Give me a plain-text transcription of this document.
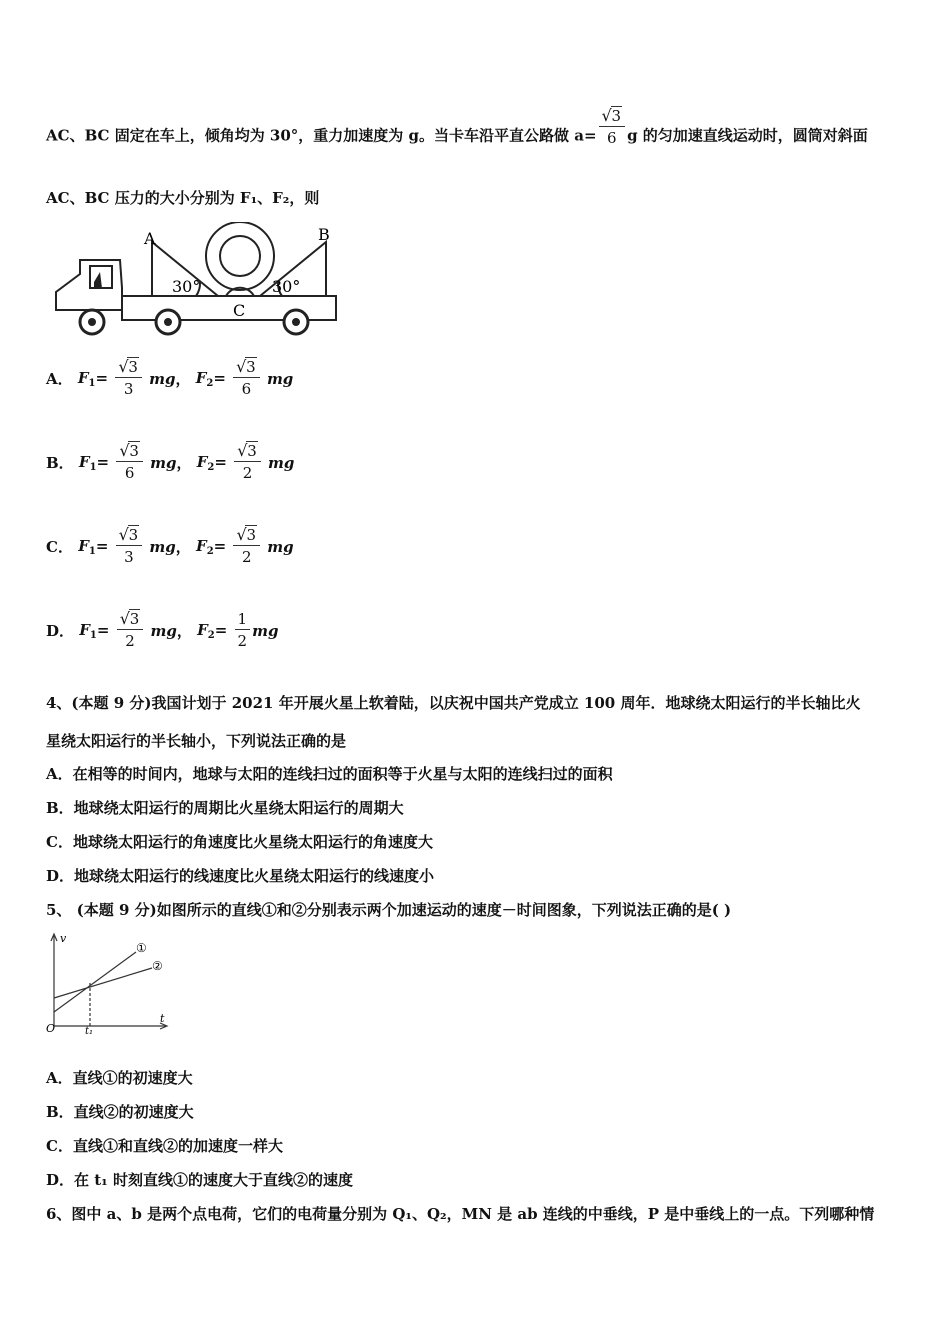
AC、BC 固定在车上，倾角均为 30°，重力加速度为 g。当卡车沿平直公路做 $a= \frac{√ 3}{6}$ g 的匀加速直线运动时，圆筒对斜面
AC、BC 压力的大小分别为 F₁、F₂，则
A	B
C
30°	30°
A． $F_1= \frac{√ 3}{3}$ mg， $F_2= \frac{√ 3}{6}$ mg
B． $F_1= \frac{√ 3}{6}$ mg， $F_2= \frac{√ 3}{2}$ mg
C． $F_1= \frac{√ 3}{3}$ mg， $F_2= \frac{√ 3}{2}$ mg
D． $F_1= \frac{√ 3}{2}$ mg， $F_2= \frac{1}{2}$ mg
4、(本题 9 分)我国计划于 2021 年开展火星上软着陆，以庆祝中国共产党成立 100 周年．地球绕太阳运行的半长轴比火
星绕太阳运行的半长轴小，下列说法正确的是
A．在相等的时间内，地球与太阳的连线扫过的面积等于火星与太阳的连线扫过的面积
B．地球绕太阳运行的周期比火星绕太阳运行的周期大
C．地球绕太阳运行的角速度比火星绕太阳运行的角速度大
D．地球绕太阳运行的线速度比火星绕太阳运行的线速度小
5、 (本题 9 分)如图所示的直线①和②分别表示两个加速运动的速度－时间图象，下列说法正确的是( )
v
t
O	t₁
①
②
A．直线①的初速度大
B．直线②的初速度大
C．直线①和直线②的加速度一样大
D．在 t₁ 时刻直线①的速度大于直线②的速度
6、图中 a、b 是两个点电荷，它们的电荷量分别为 Q₁、Q₂，MN 是 ab 连线的中垂线，P 是中垂线上的一点。下列哪种情
